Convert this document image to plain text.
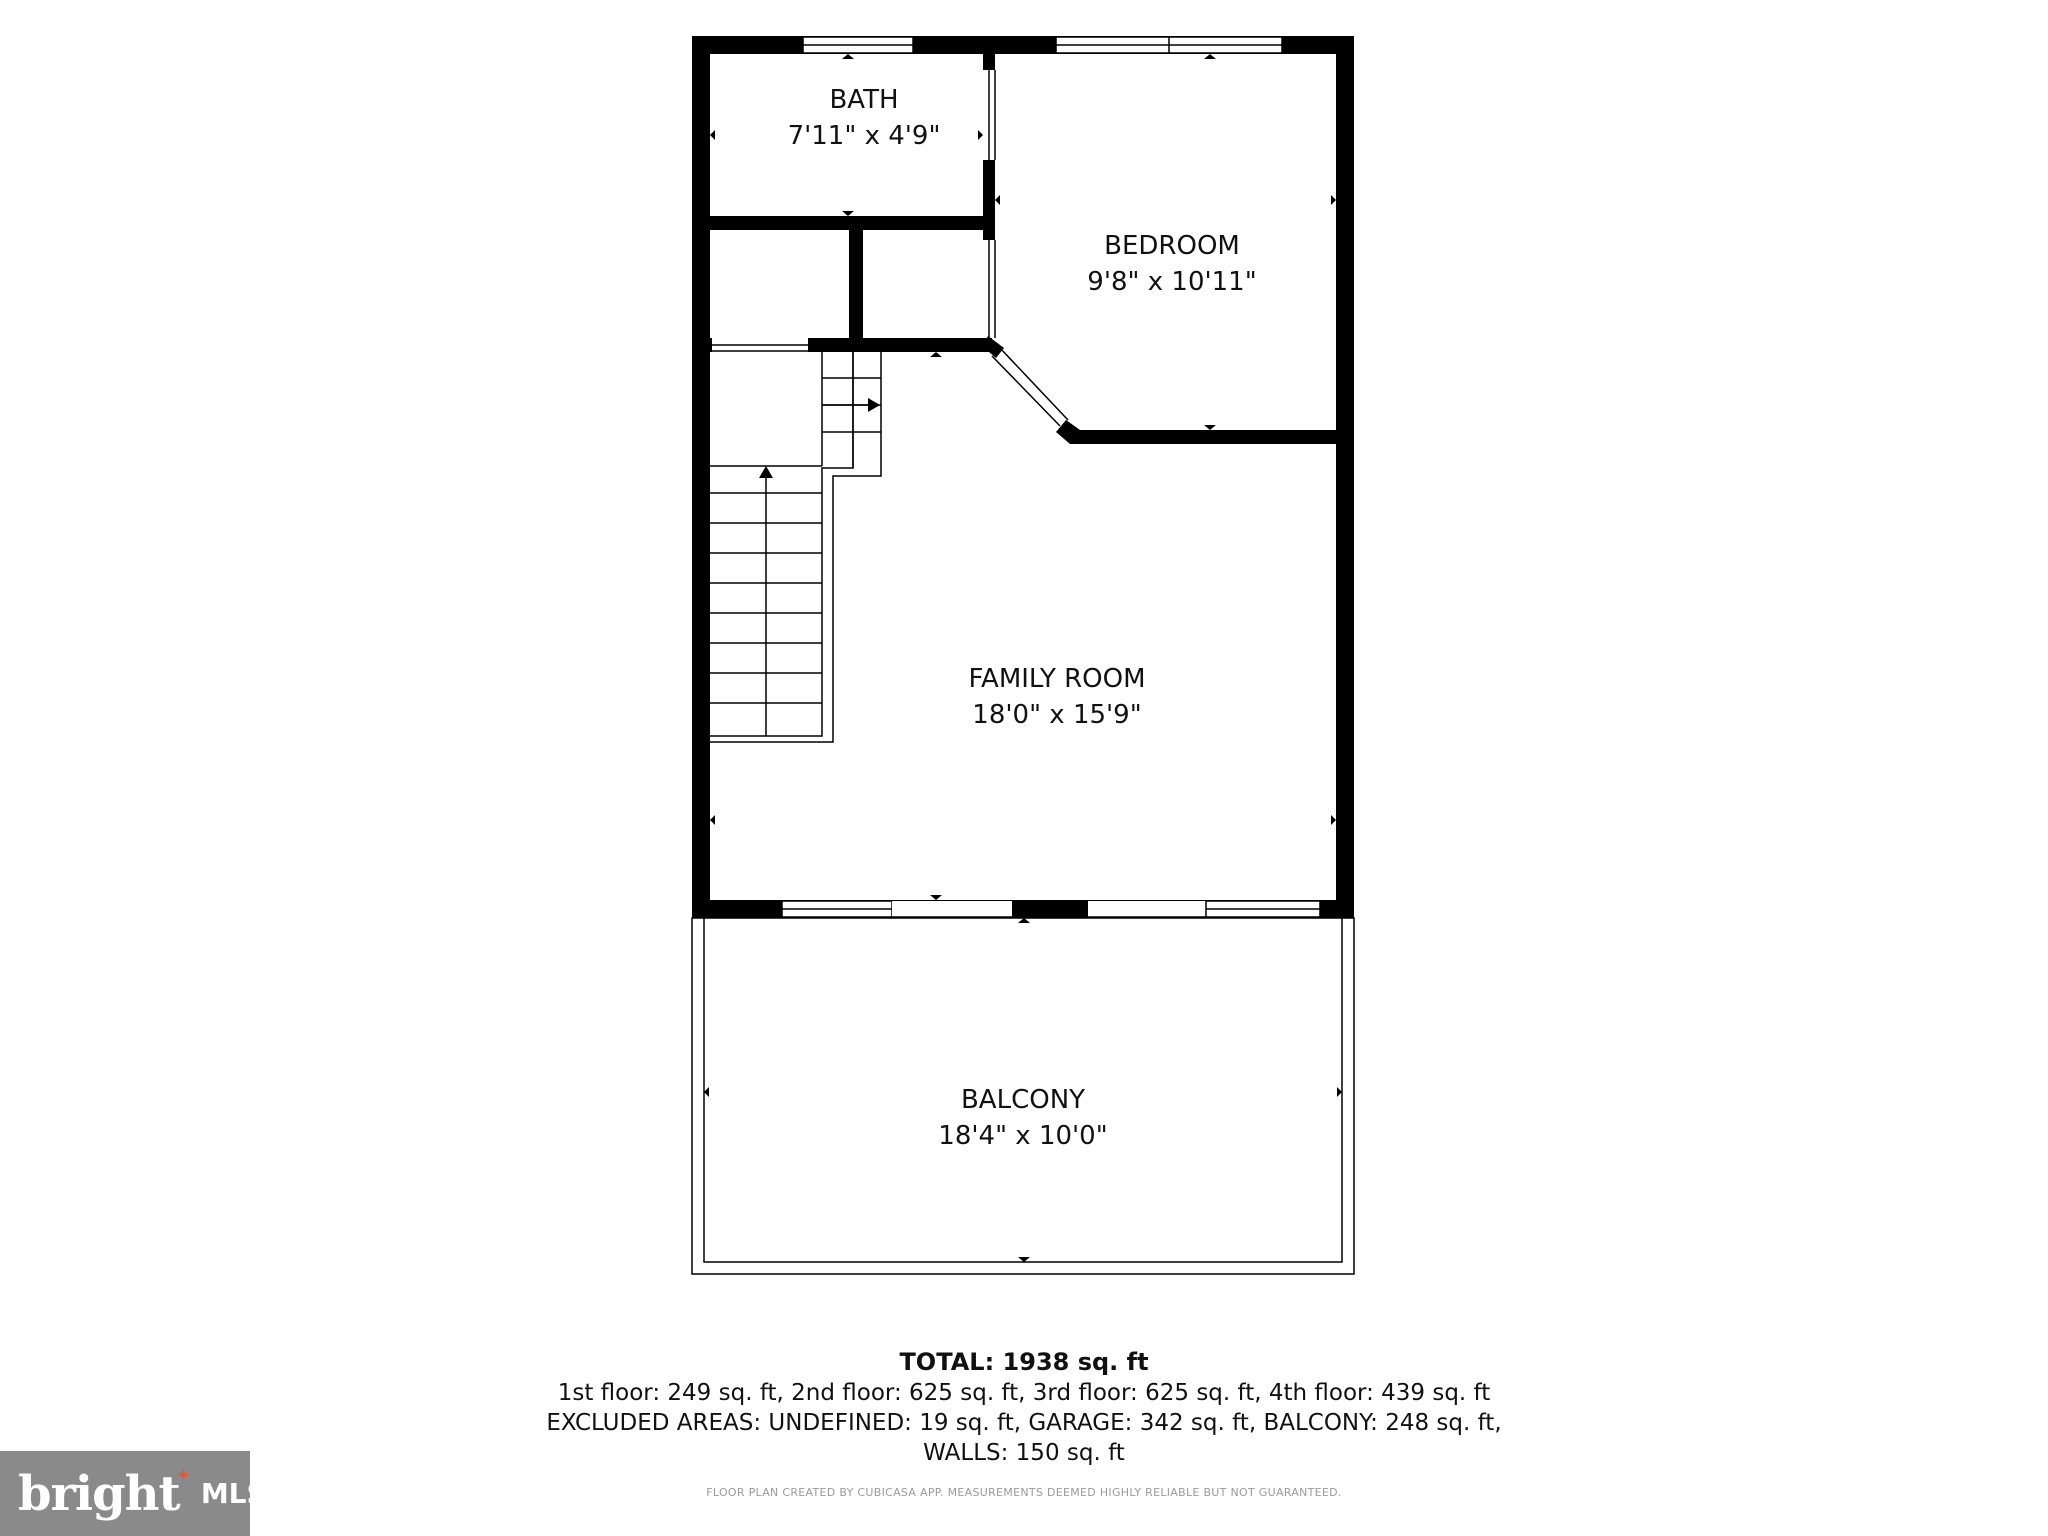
BATH
7'11" x 4'9"
BEDROOM
9'8" x 10'11"
FAMILY ROOM
18'0" x 15'9"
BALCONY
18'4" x 10'0"
TOTAL: 1938 sq. ft
1st floor: 249 sq. ft, 2nd floor: 625 sq. ft, 3rd floor: 625 sq. ft, 4th floor: 439 sq. ft
EXCLUDED AREAS: UNDEFINED: 19 sq. ft, GARAGE: 342 sq. ft, BALCONY: 248 sq. ft,
WALLS: 150 sq. ft
FLOOR PLAN CREATED BY CUBICASA APP. MEASUREMENTS DEEMED HIGHLY RELIABLE BUT NOT GUARANTEED.
bright
✦
MLS
